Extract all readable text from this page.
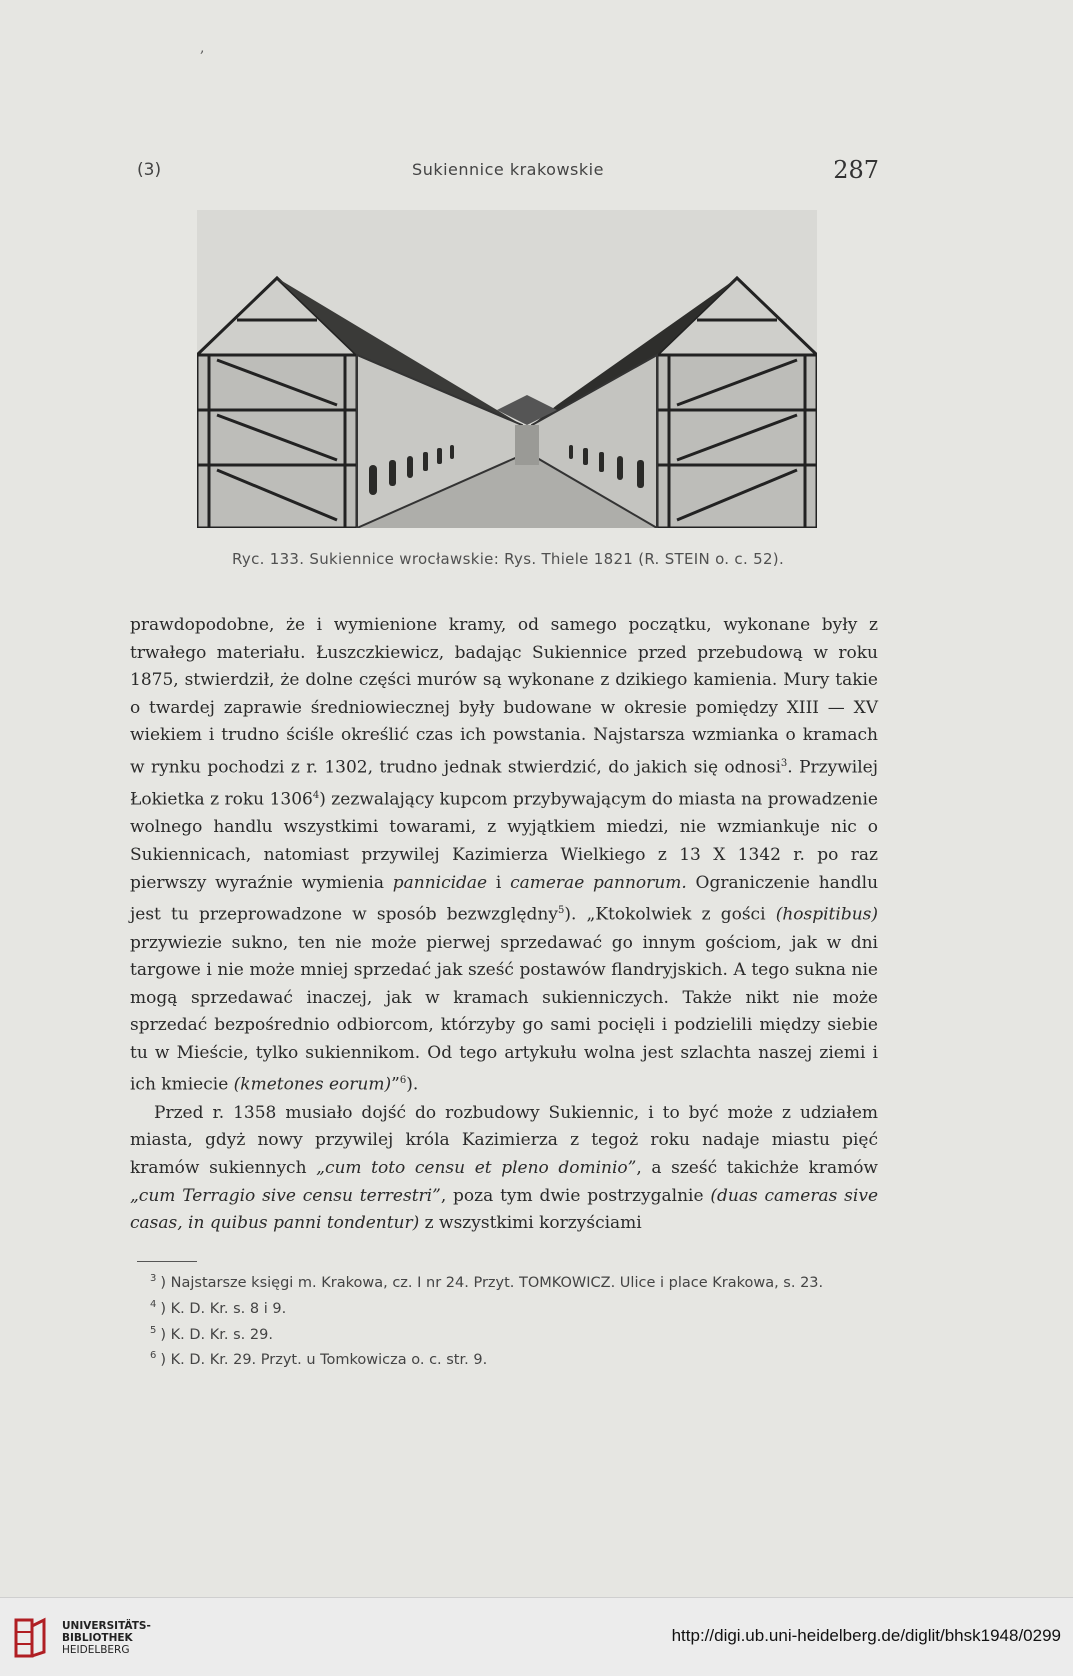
,
(3)	Sukiennice krakowskie	287
Ryc. 133. Sukiennice wrocławskie: Rys. Thiele 1821 (R. STEIN o. c. 52).

prawdopodobne, że i wymienione kramy, od samego początku, wykonane były z trwałego materiału. Łuszczkiewicz, badając Sukiennice przed przebudową w roku 1875, stwierdził, że dolne części murów są wykonane z dzikiego kamienia. Mury takie o twardej zaprawie średniowiecznej były budowane w okresie pomiędzy XIII — XV wiekiem i trudno ściśle określić czas ich powstania. Najstarsza wzmianka o kramach w rynku pochodzi z r. 1302, trudno jednak stwierdzić, do jakich się odnosi$^3$. Przywilej Łokietka z roku 1306$^4$) zezwalający kupcom przybywającym do miasta na prowadzenie wolnego handlu wszystkimi towarami, z wyjątkiem miedzi, nie wzmiankuje nic o Sukiennicach, natomiast przywilej Kazimierza Wielkiego z 13 X 1342 r. po raz pierwszy wyraźnie wymienia pannicidae i camerae pannorum. Ograniczenie handlu jest tu przeprowadzone w sposób bezwzględny$^5$). „Ktokolwiek z gości (hospitibus) przywiezie sukno, ten nie może pierwej sprzedawać go innym gościom, jak w dni targowe i nie może mniej sprzedać jak sześć postawów flandryjskich. A tego sukna nie mogą sprzedawać inaczej, jak w kramach sukienniczych. Także nikt nie może sprzedać bezpośrednio odbiorcom, którzyby go sami pocięli i podzielili między siebie tu w Mieście, tylko sukiennikom. Od tego artykułu wolna jest szlachta naszej ziemi i ich kmiecie (kmetones eorum)”$^6$).

Przed r. 1358 musiało dojść do rozbudowy Sukiennic, i to być może z udziałem miasta, gdyż nowy przywilej króla Kazimierza z tegoż roku nadaje miastu pięć kramów sukiennych „cum toto censu et pleno dominio”, a sześć takichże kramów „cum Terragio sive censu terrestri”, poza tym dwie postrzygalnie (duas cameras sive casas, in quibus panni tondentur) z wszystkimi korzyściami

$^3$ ) Najstarsze księgi m. Krakowa, cz. I nr 24. Przyt. TOMKOWICZ. Ulice i place Krakowa, s. 23.
$^4$ ) K. D. Kr. s. 8 i 9.
$^5$ ) K. D. Kr. s. 29.
$^6$ ) K. D. Kr. 29. Przyt. u Tomkowicza o. c. str. 9.
UNIVERSITÄTS-
BIBLIOTHEK
HEIDELBERG
http://digi.ub.uni-heidelberg.de/diglit/bhsk1948/0299
